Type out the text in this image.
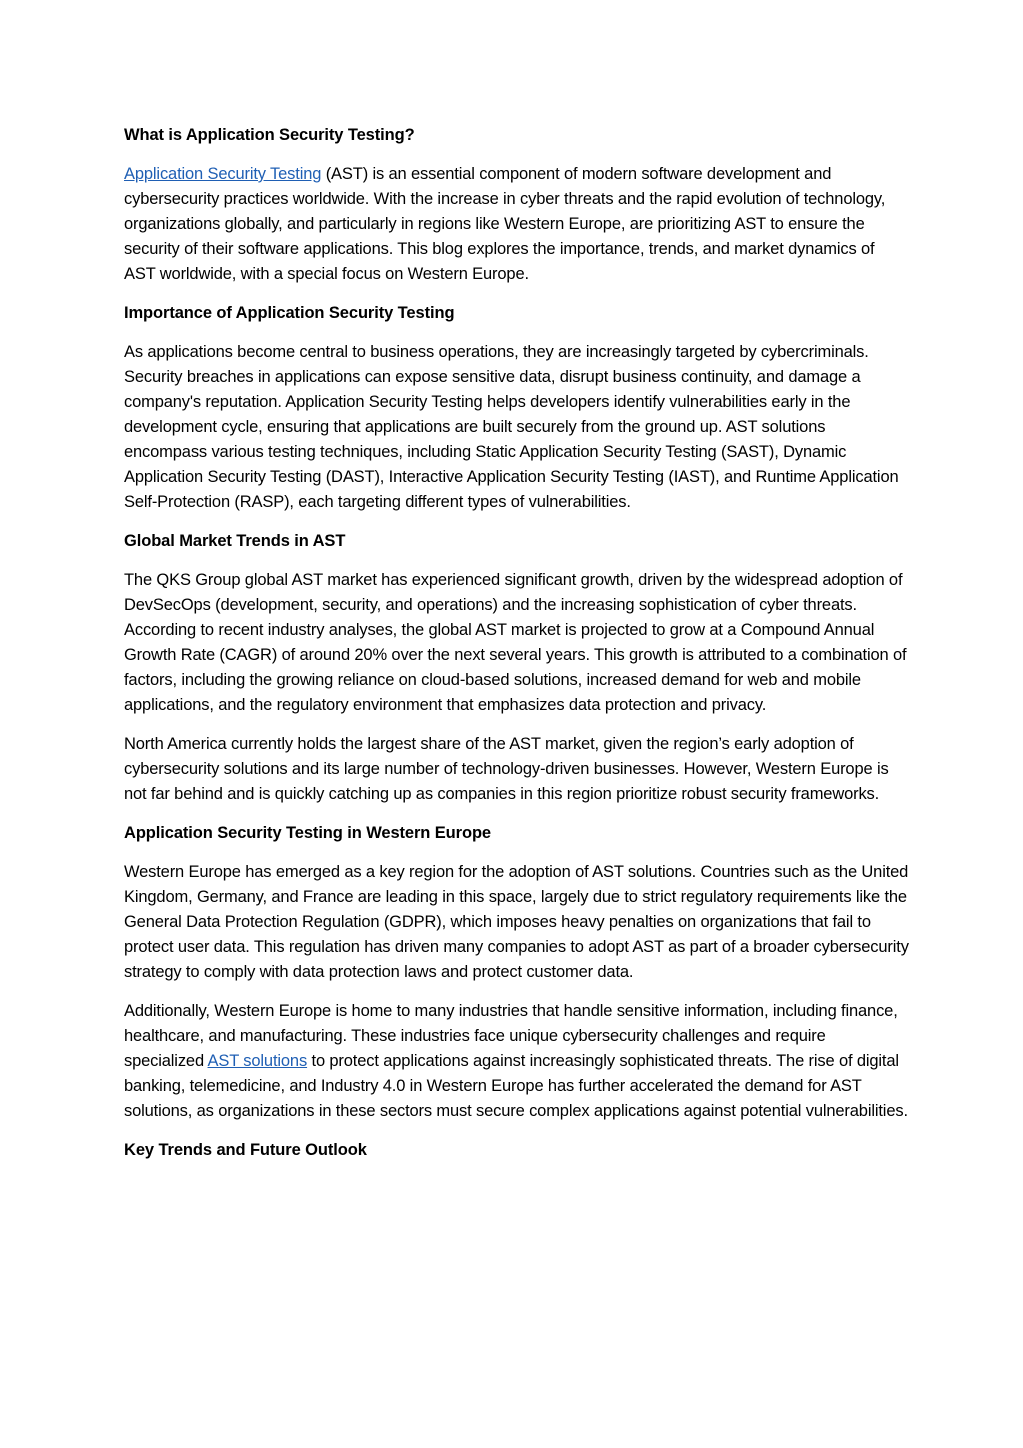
What is Application Security Testing?

Application Security Testing (AST) is an essential component of modern software development and cybersecurity practices worldwide. With the increase in cyber threats and the rapid evolution of technology, organizations globally, and particularly in regions like Western Europe, are prioritizing AST to ensure the security of their software applications. This blog explores the importance, trends, and market dynamics of AST worldwide, with a special focus on Western Europe.

Importance of Application Security Testing

As applications become central to business operations, they are increasingly targeted by cybercriminals. Security breaches in applications can expose sensitive data, disrupt business continuity, and damage a company's reputation. Application Security Testing helps developers identify vulnerabilities early in the development cycle, ensuring that applications are built securely from the ground up. AST solutions encompass various testing techniques, including Static Application Security Testing (SAST), Dynamic Application Security Testing (DAST), Interactive Application Security Testing (IAST), and Runtime Application Self-Protection (RASP), each targeting different types of vulnerabilities.

Global Market Trends in AST

The QKS Group global AST market has experienced significant growth, driven by the widespread adoption of DevSecOps (development, security, and operations) and the increasing sophistication of cyber threats. According to recent industry analyses, the global AST market is projected to grow at a Compound Annual Growth Rate (CAGR) of around 20% over the next several years. This growth is attributed to a combination of factors, including the growing reliance on cloud-based solutions, increased demand for web and mobile applications, and the regulatory environment that emphasizes data protection and privacy.

North America currently holds the largest share of the AST market, given the region’s early adoption of cybersecurity solutions and its large number of technology-driven businesses. However, Western Europe is not far behind and is quickly catching up as companies in this region prioritize robust security frameworks.

Application Security Testing in Western Europe

Western Europe has emerged as a key region for the adoption of AST solutions. Countries such as the United Kingdom, Germany, and France are leading in this space, largely due to strict regulatory requirements like the General Data Protection Regulation (GDPR), which imposes heavy penalties on organizations that fail to protect user data. This regulation has driven many companies to adopt AST as part of a broader cybersecurity strategy to comply with data protection laws and protect customer data.

Additionally, Western Europe is home to many industries that handle sensitive information, including finance, healthcare, and manufacturing. These industries face unique cybersecurity challenges and require specialized AST solutions to protect applications against increasingly sophisticated threats. The rise of digital banking, telemedicine, and Industry 4.0 in Western Europe has further accelerated the demand for AST solutions, as organizations in these sectors must secure complex applications against potential vulnerabilities.

Key Trends and Future Outlook
